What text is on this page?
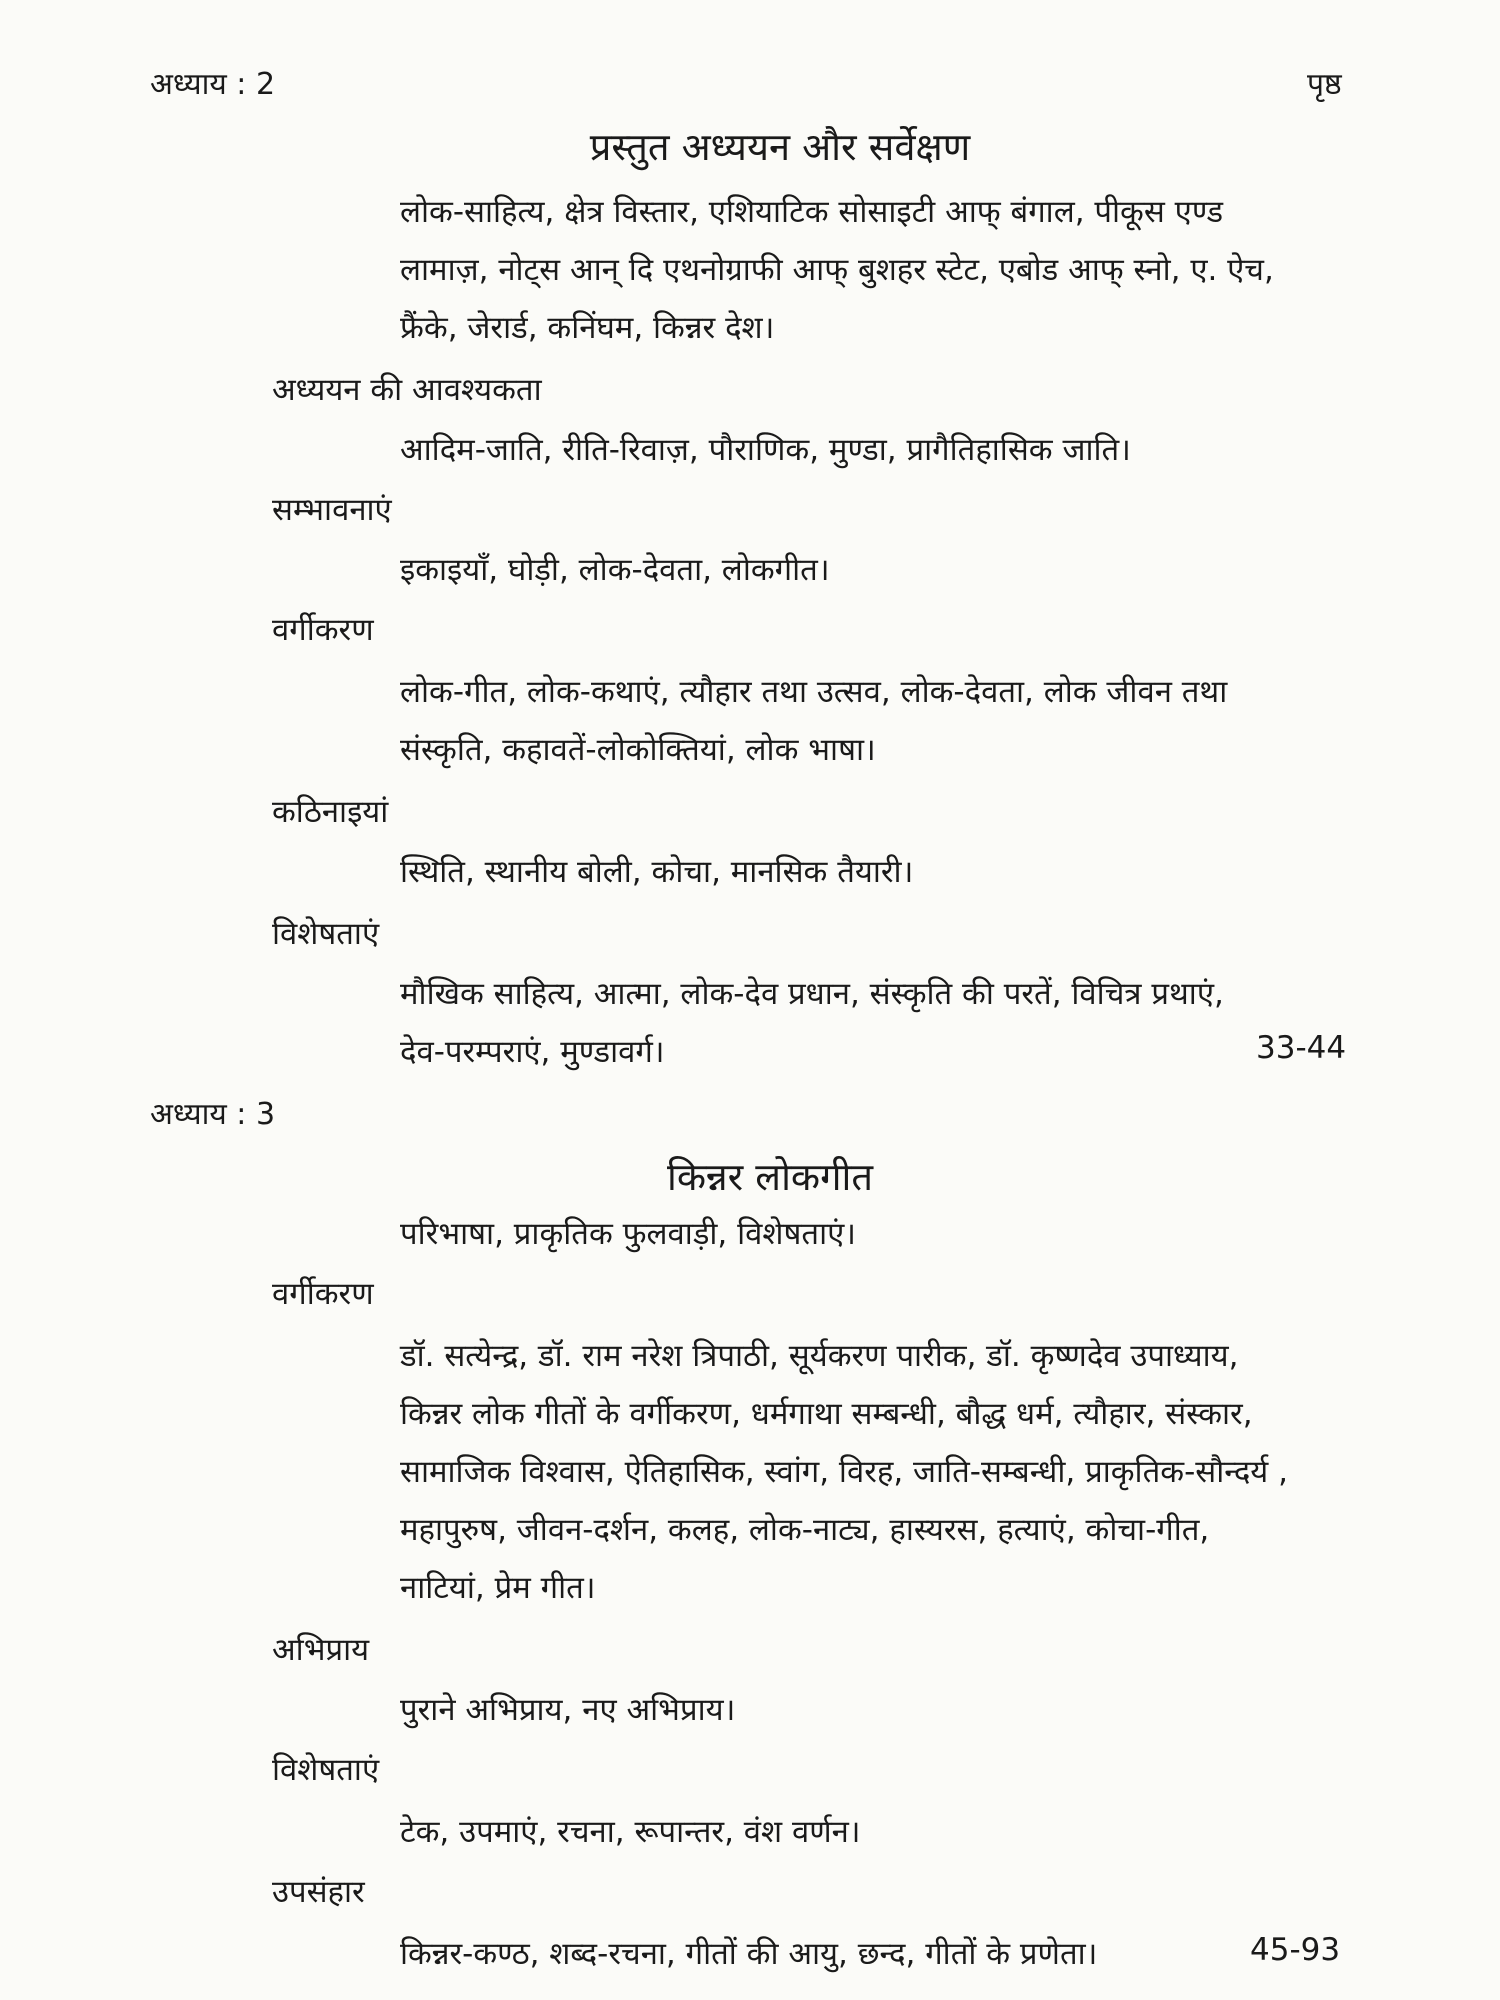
अध्याय : 2	पृष्ठ
प्रस्तुत अध्ययन और सर्वेक्षण
लोक-साहित्य, क्षेत्र विस्तार, एशियाटिक सोसाइटी आफ् बंगाल, पीकूस एण्ड
लामाज़, नोट्स आन् दि एथनोग्राफी आफ् बुशहर स्टेट, एबोड आफ् स्नो, ए. ऐच,
फ्रैंके, जेरार्ड, कनिंघम, किन्नर देश।
अध्ययन की आवश्यकता
आदिम-जाति, रीति-रिवाज़, पौराणिक, मुण्डा, प्रागैतिहासिक जाति।
सम्भावनाएं
इकाइयाँ, घोड़ी, लोक-देवता, लोकगीत।
वर्गीकरण
लोक-गीत, लोक-कथाएं, त्यौहार तथा उत्सव, लोक-देवता, लोक जीवन तथा
संस्कृति, कहावतें-लोकोक्तियां, लोक भाषा।
कठिनाइयां
स्थिति, स्थानीय बोली, कोचा, मानसिक तैयारी।
विशेषताएं
मौखिक साहित्य, आत्मा, लोक-देव प्रधान, संस्कृति की परतें, विचित्र प्रथाएं,
देव-परम्पराएं, मुण्डावर्ग।	33-44
अध्याय : 3
किन्नर लोकगीत
परिभाषा, प्राकृतिक फुलवाड़ी, विशेषताएं।
वर्गीकरण
डॉ. सत्येन्द्र, डॉ. राम नरेश त्रिपाठी, सूर्यकरण पारीक, डॉ. कृष्णदेव उपाध्याय,
किन्नर लोक गीतों के वर्गीकरण, धर्मगाथा सम्बन्धी, बौद्ध धर्म, त्यौहार, संस्कार,
सामाजिक विश्वास, ऐतिहासिक, स्वांग, विरह, जाति-सम्बन्धी, प्राकृतिक-सौन्दर्य ,
महापुरुष, जीवन-दर्शन, कलह, लोक-नाट्य, हास्यरस, हत्याएं, कोचा-गीत,
नाटियां, प्रेम गीत।
अभिप्राय
पुराने अभिप्राय, नए अभिप्राय।
विशेषताएं
टेक, उपमाएं, रचना, रूपान्तर, वंश वर्णन।
उपसंहार
किन्नर-कण्ठ, शब्द-रचना, गीतों की आयु, छन्द, गीतों के प्रणेता।	45-93
